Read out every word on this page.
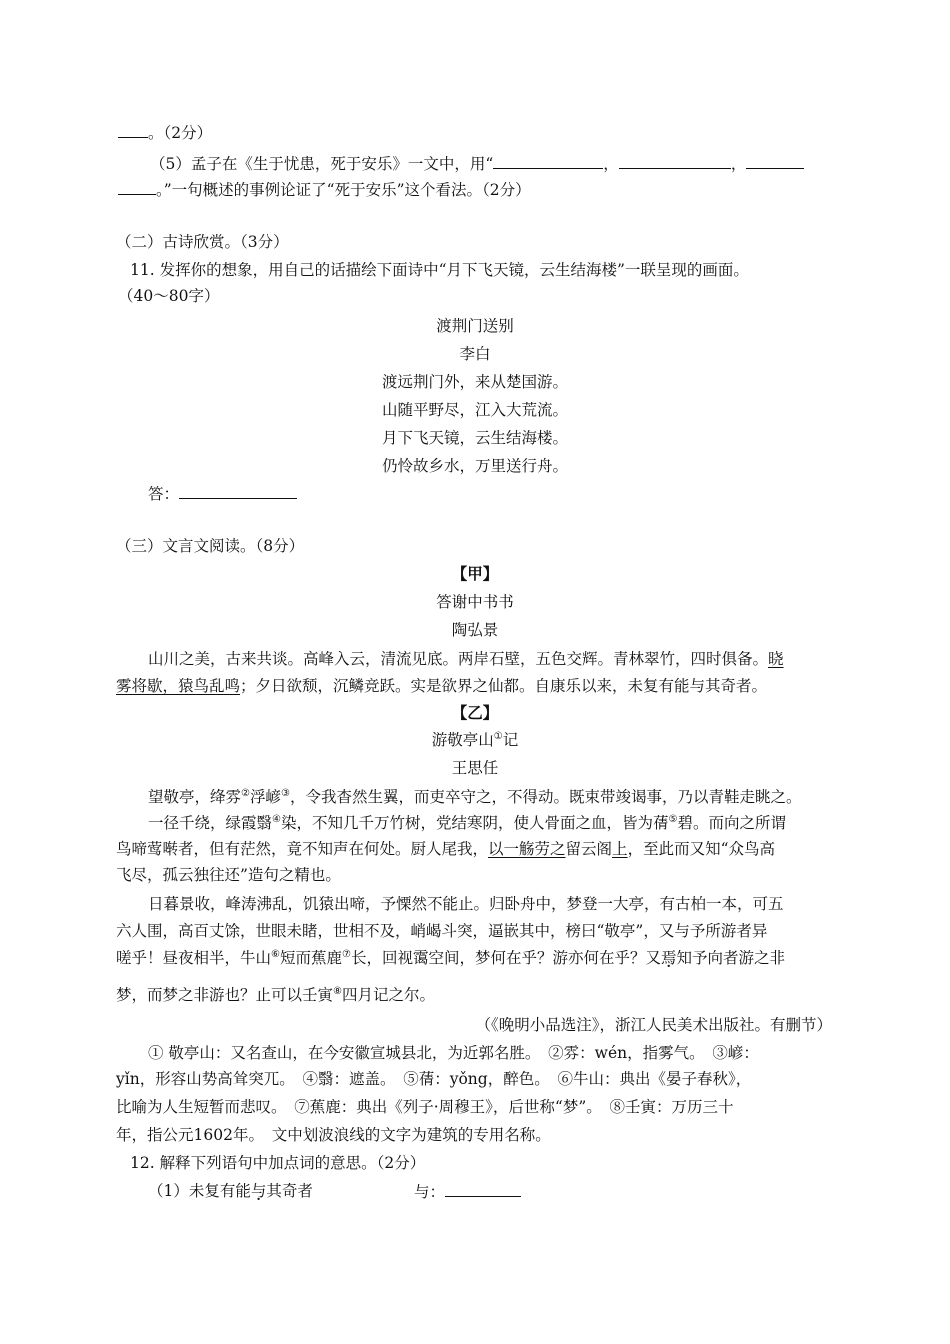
。（2分）
（5）孟子在《生于忧患，死于安乐》一文中，用“	，	，
。”一句概述的事例论证了“死于安乐”这个看法。（2分）
（二）古诗欣赏。（3分）
11. 发挥你的想象，用自己的话描绘下面诗中“月下飞天镜，云生结海楼”一联呈现的画面。
（40～80字）
渡荆门送别
李白
渡远荆门外，来从楚国游。
山随平野尽，江入大荒流。
月下飞天镜，云生结海楼。
仍怜故乡水，万里送行舟。
答：
（三）文言文阅读。（8分）
【甲】
答谢中书书
陶弘景
山川之美，古来共谈。高峰入云，清流见底。两岸石壁，五色交辉。青林翠竹，四时俱备。晓
雾将歇，猿鸟乱鸣；夕日欲颓，沉鳞竞跃。实是欲界之仙都。自康乐以来，未复有能与其奇者。
【乙】
游敬亭山①记
王思任
望敬亭，绛雰②浮嵃③，令我杳然生翼，而吏卒守之，不得动。既束带竣谒事，乃以青鞋走眺之。
一径千绕，绿霞翳④染，不知几千万竹树，党结寒阴，使人骨面之血，皆为蒨⑤碧。而向之所谓
鸟啼莺啭者，但有茫然，竟不知声在何处。厨人尾我，以一觞劳之留云阁上，至此而又知“众鸟高
飞尽，孤云独往还”造句之精也。
日暮景收，峰涛沸乱，饥猿出啼，予慄然不能止。归卧舟中，梦登一大亭，有古柏一本，可五
六人围，高百丈馀，世眼未睹，世相不及，峭嵑斗突，逼嵌其中，榜曰“敬亭”，又与予所游者异
嗟乎！昼夜相半，牛山⑥短而蕉鹿⑦长，回视霭空间，梦何在乎？游亦何在乎？又焉知予向者游之非
梦，而梦之非游也？止可以壬寅⑧四月记之尔。
（《晚明小品选注》，浙江人民美术出版社。有删节）
① 敬亭山：又名查山，在今安徽宣城县北，为近郭名胜。　②雰：wén，指雾气。　③嵃：
yǐn，形容山势高耸突兀。　④翳：遮盖。　⑤蒨：yǒng，醉色。　⑥牛山：典出《晏子春秋》，
比喻为人生短暂而悲叹。　⑦蕉鹿：典出《列子·周穆王》，后世称“梦”。　⑧壬寅：万历三十
年，指公元1602年。　文中划波浪线的文字为建筑的专用名称。
12. 解释下列语句中加点词的意思。（2分）
（1）未复有能与其奇者	与：
